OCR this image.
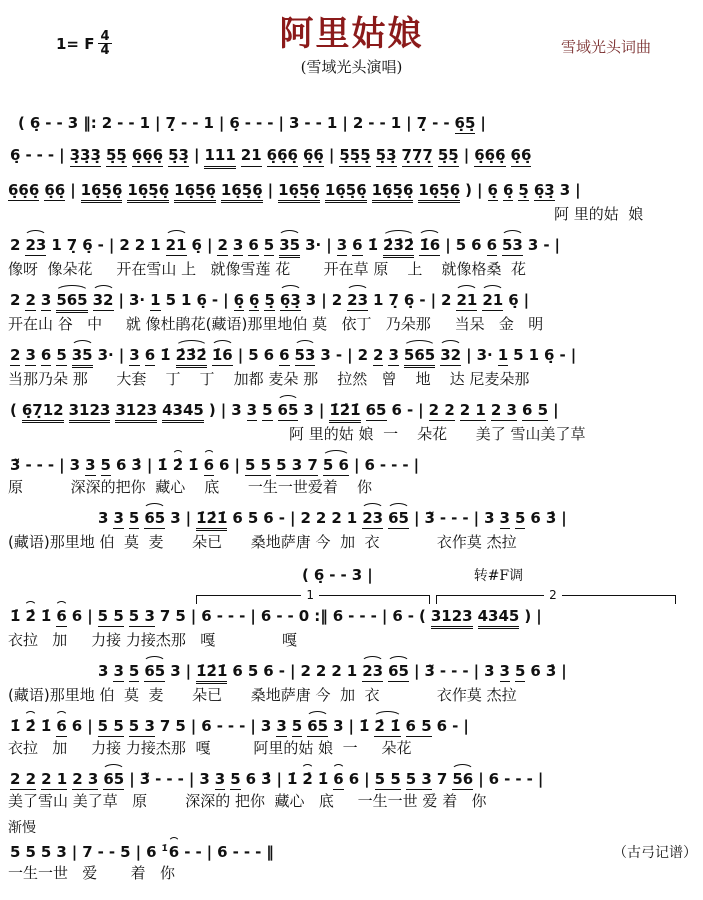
1= F 4
4	阿里姑娘
(雪域光头演唱)
雪域光头词曲
( 6̣ - - 3 ‖: 2 - - 1 | 7̣ - - 1 | 6̣ - - - | 3 - - 1 | 2 - - 1 | 7̣ - - 6̣5̣ |
6̣ - - - | 3̣3̣3̣ 5̣5̣ 6̣6̣6̣ 5̣3̣ | 111 21 6̣6̣6̣ 6̣6̣ | 5̣5̣5̣ 5̣3̣ 7̣7̣7̣ 5̣5̣ | 6̣6̣6̣ 6̣6̣
6̣6̣6̣ 6̣6̣ | 16̣5̣6̣ 16̣5̣6̣ 16̣5̣6̣ 16̣5̣6̣ | 16̣5̣6̣ 16̣5̣6̣ 16̣5̣6̣ 16̣5̣6̣ ) | 6̣ 6̣ 5̣ 6̣3̣ 3 |
阿 里的姑  娘
2 23 1 7̣ 6̣ - | 2 2 1 21 6̣ | 2 3 6 5 35 3· | 3 6 1̇ 2̇3̇2̇ 1̇6 | 5 6 6 53 3 - |
像呀  像朵花     开在雪山 上   就像雪莲 花       开在草 原    上    就像格桑  花
2 2 3 565 32 | 3· 1 5 1 6̣ - | 6̣ 6̣ 5̣ 6̣3̣ 3 | 2 23 1 7̣ 6̣ - | 2 21 21 6̣ |
开在山 谷   中     就 像杜鹃花(藏语)那里地伯 莫   依丁   乃朵那     当呆   金   明
2 3 6 5 35 3· | 3 6 1̇ 2̇3̇2̇ 1̇6 | 5 6 6 53 3 - | 2 2 3 565 32 | 3· 1 5 1 6̣ - |
当那乃朵 那      大套    丁    丁    加都 麦朵 那    拉然   曾    地    达 尼麦朵那
( 6̣7̣12 3123 3123 4345 ) | 3 3 5 65 3 | 1̇2̇1̇ 65 6 - | 2 2 2 1 2 3 6 5 |
阿 里的姑 娘  一    朵花      美了 雪山美了草
3̃ - - - | 3 3 5 6 3̇ | 1̇ 2̇ 1̇ 6 6 | 5 5 5 3 7 5 6 | 6 - - - |
原          深深的把你  藏心    底      一生一世爱着    你
3 3 5 65 3 | 1̇2̇1̇ 6 5 6 - | 2 2 2 1 23 65 | 3̃ - - - | 3 3 5 6 3̇ |
(藏语)那里地 伯  莫  麦      朵已      桑地萨唐 今  加  衣            衣作莫 杰拉
( 6̣ - - 3 |	转#F调
1	2
1̇ 2̇ 1̇ 6 6 | 5 5 5 3 7 5 | 6 - - - | 6 - - 0 :‖ 6 - - - | 6 - ( 3123 4345 ) |
衣拉   加     力接 力接杰那   嘎              嘎
3 3 5 65 3 | 1̇2̇1̇ 6 5 6 - | 2 2 2 1 23 65 | 3̃ - - - | 3 3 5 6 3̇ |
(藏语)那里地 伯  莫  麦      朵已      桑地萨唐 今  加  衣            衣作莫 杰拉
1̇ 2̇ 1̇ 6 6 | 5 5 5 3 7 5 | 6 - - - | 3 3 5 65 3 | 1̇ 2̇ 1̇ 6 5 6 - |
衣拉   加     力接 力接杰那  嘎         阿里的姑 娘  一     朵花
2 2 2 1 2 3 65 | 3̃ - - - | 3 3 5 6 3̇ | 1̇ 2̇ 1̇ 6 6 | 5 5 5 3 7 56 | 6 - - - |
美了雪山 美了草   原        深深的 把你  藏心   底     一生一世 爱 着   你
渐慢
5 5 5 3 | 7 - - 5 | 6 1̇ 6 - - | 6 - - - ‖	（古弓记谱）
一生一世   爱       着   你
